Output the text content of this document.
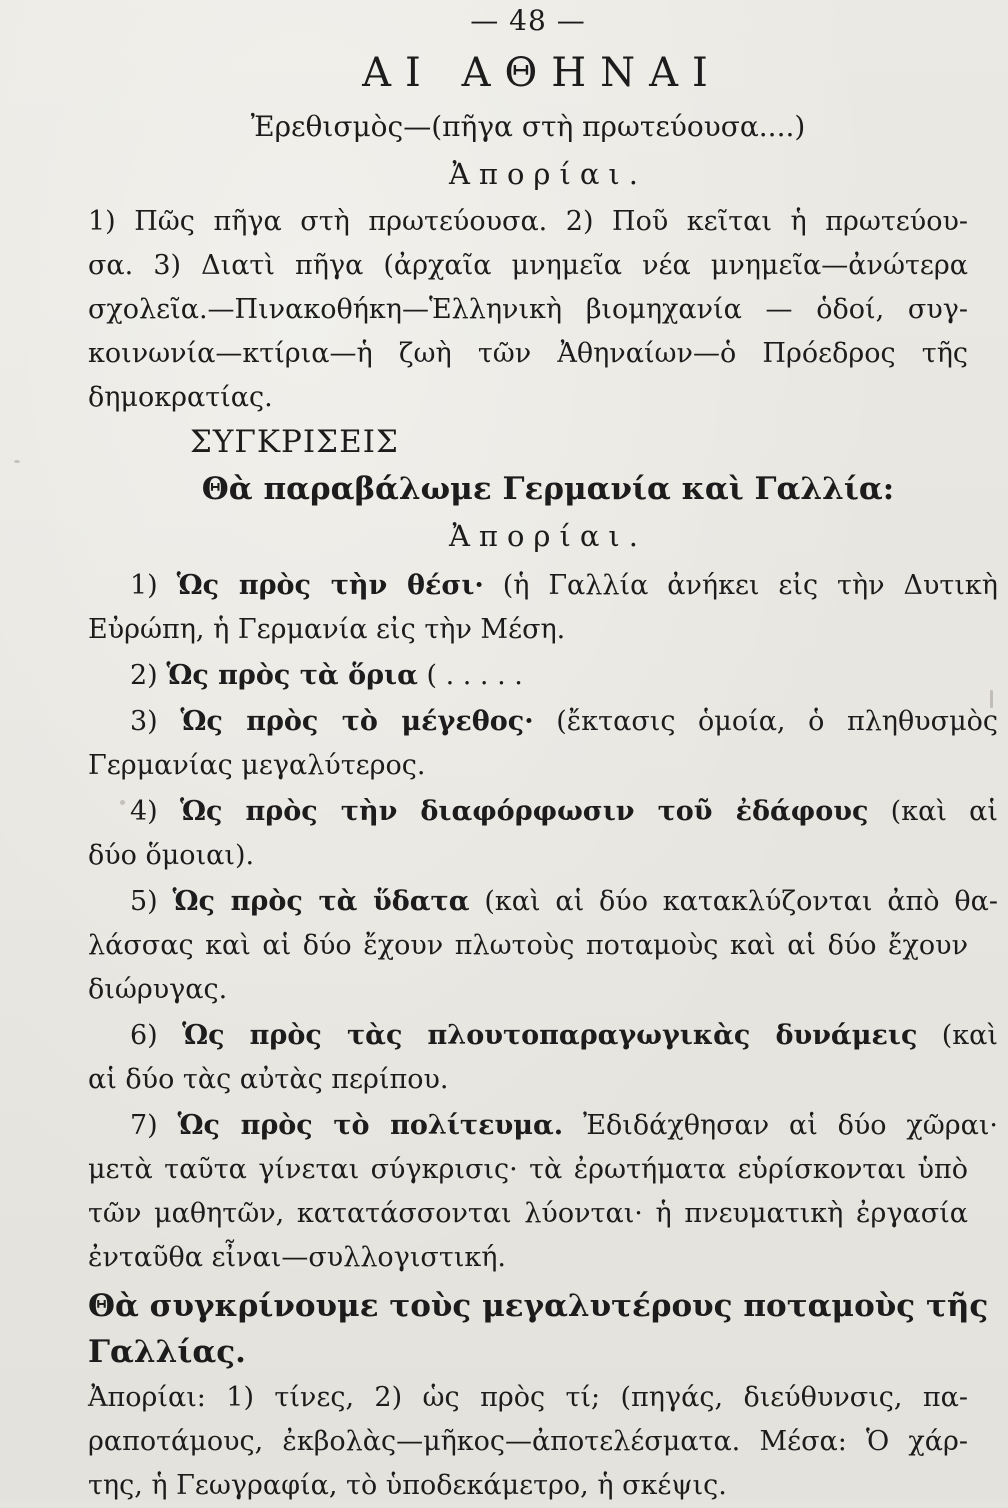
— 48 —
ΑΙ ΑΘΗΝΑΙ
Ἐρεθισμὸς—(πῆγα στὴ πρωτεύουσα....)
Ἀπορίαι.
1) Πῶς πῆγα στὴ πρωτεύουσα. 2) Ποῦ κεῖται ἡ πρωτεύου-
σα. 3) Διατὶ πῆγα (ἀρχαῖα μνημεῖα νέα μνημεῖα—ἀνώτερα
σχολεῖα.—Πινακοθήκη—Ἑλληνικὴ βιομηχανία — ὁδοί, συγ-
κοινωνία—κτίρια—ἡ ζωὴ τῶν Ἀθηναίων—ὁ Πρόεδρος τῆς
δημοκρατίας.
ΣΥΓΚΡΙΣΕΙΣ
Θὰ παραβάλωμε Γερμανία καὶ Γαλλία:
Ἀπορίαι.
1) Ὡς πρὸς τὴν θέσι· (ἡ Γαλλία ἀνήκει εἰς τὴν Δυτικὴ
Εὐρώπη, ἡ Γερμανία εἰς τὴν Μέση.
2) Ὡς πρὸς τὰ ὅρια ( . . . . .
3) Ὡς πρὸς τὸ μέγεθος· (ἔκτασις ὁμοία, ὁ πληθυσμὸς
Γερμανίας μεγαλύτερος.
4) Ὡς πρὸς τὴν διαφόρφωσιν τοῦ ἐδάφους (καὶ αἱ
δύο ὅμοιαι).
5) Ὡς πρὸς τὰ ὕδατα (καὶ αἱ δύο κατακλύζονται ἀπὸ θα-
λάσσας καὶ αἱ δύο ἔχουν πλωτοὺς ποταμοὺς καὶ αἱ δύο ἔχουν
διώρυγας.
6) Ὡς πρὸς τὰς πλουτοπαραγωγικὰς δυνάμεις (καὶ
αἱ δύο τὰς αὐτὰς περίπου.
7) Ὡς πρὸς τὸ πολίτευμα. Ἐδιδάχθησαν αἱ δύο χῶραι·
μετὰ ταῦτα γίνεται σύγκρισις· τὰ ἐρωτήματα εὑρίσκονται ὑπὸ
τῶν μαθητῶν, κατατάσσονται λύονται· ἡ πνευματικὴ ἐργασία
ἐνταῦθα εἶναι—συλλογιστική.
Θὰ συγκρίνουμε τοὺς μεγαλυτέρους ποταμοὺς τῆς
Γαλλίας.
Ἀπορίαι: 1) τίνες, 2) ὡς πρὸς τί; (πηγάς, διεύθυνσις, πα-
ραποτάμους, ἐκβολὰς—μῆκος—ἀποτελέσματα. Μέσα: Ὁ χάρ-
της, ἡ Γεωγραφία, τὸ ὑποδεκάμετρο, ἡ σκέψις.
